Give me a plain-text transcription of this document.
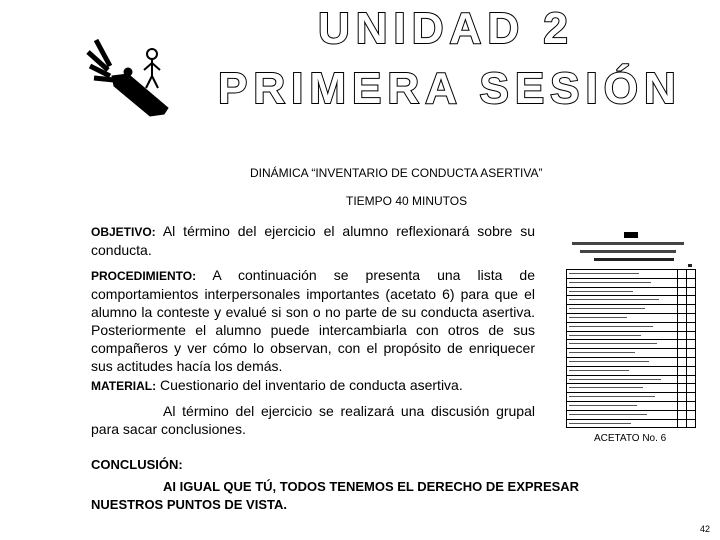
UNIDAD 2
PRIMERA SESIÓN
DINÁMICA “INVENTARIO DE CONDUCTA ASERTIVA”
TIEMPO 40 MINUTOS
OBJETIVO: Al término del ejercicio el alumno reflexionará sobre su conducta.
PROCEDIMIENTO: A continuación se presenta una lista de comportamientos interpersonales importantes (acetato 6) para que el alumno la conteste y evalué si son o no parte de su conducta asertiva. Posteriormente el alumno puede intercambiarla con otros de sus compañeros y ver cómo lo observan, con el propósito de enriquecer sus actitudes hacía los demás.
MATERIAL: Cuestionario del inventario de conducta asertiva.
Al término del ejercicio se realizará una discusión grupal para sacar conclusiones.
ACETATO No. 6
CONCLUSIÓN:
AI IGUAL QUE TÚ, TODOS TENEMOS EL DERECHO DE EXPRESAR NUESTROS PUNTOS DE VISTA.
42
